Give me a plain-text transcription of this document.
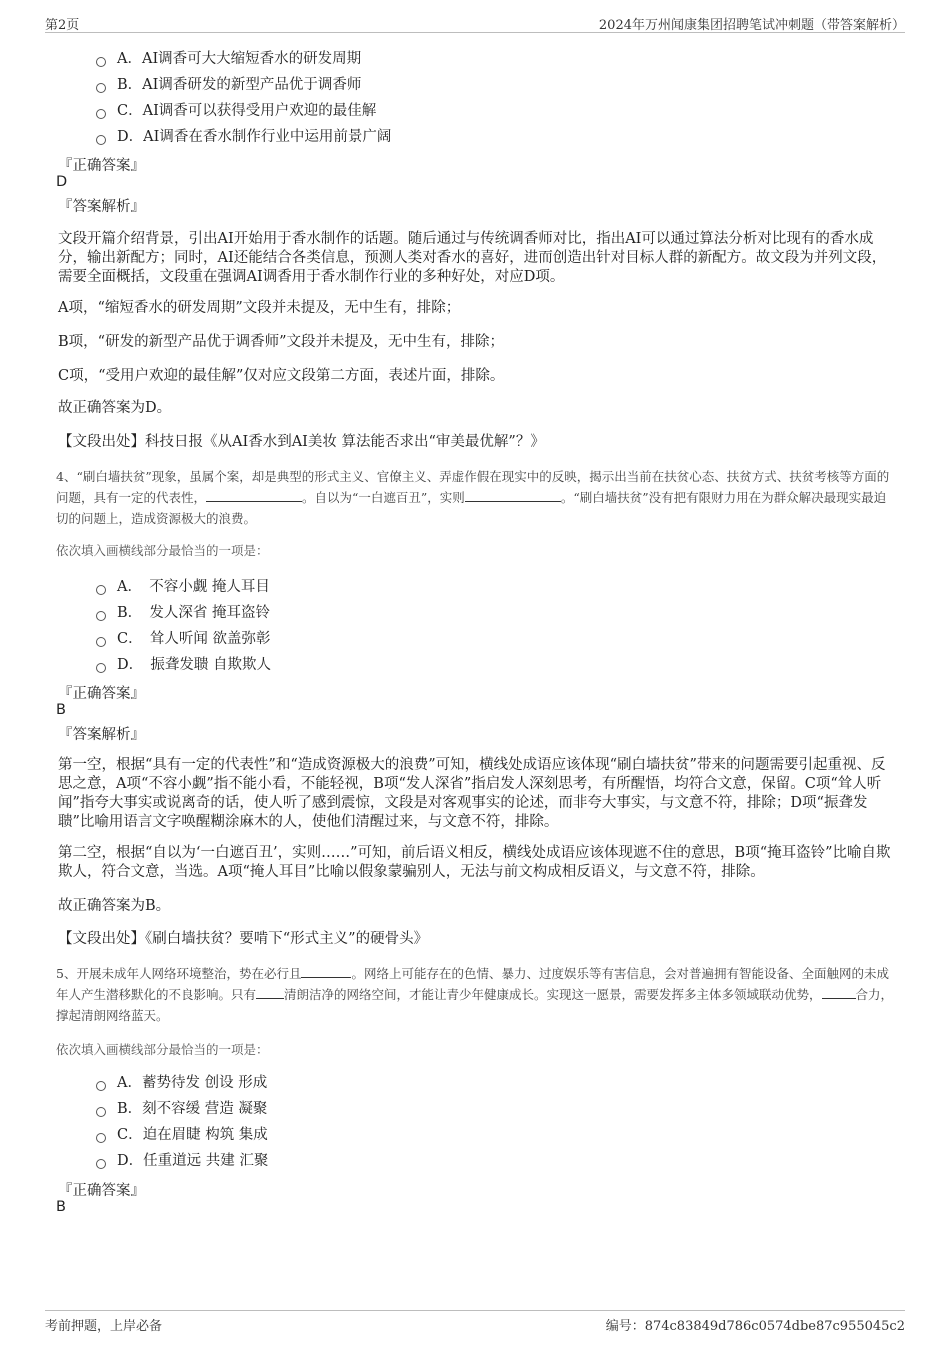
第2页	2024年万州闻康集团招聘笔试冲刺题（带答案解析）
A．AI调香可大大缩短香水的研发周期
B．AI调香研发的新型产品优于调香师
C．AI调香可以获得受用户欢迎的最佳解
D．AI调香在香水制作行业中运用前景广阔
『正确答案』
D
『答案解析』
文段开篇介绍背景，引出AI开始用于香水制作的话题。随后通过与传统调香师对比，指出AI可以通过算法分析对比现有的香水成分，输出新配方；同时，AI还能结合各类信息，预测人类对香水的喜好，进而创造出针对目标人群的新配方。故文段为并列文段，需要全面概括，文段重在强调AI调香用于香水制作行业的多种好处，对应D项。
A项，“缩短香水的研发周期”文段并未提及，无中生有，排除；
B项，“研发的新型产品优于调香师”文段并未提及，无中生有，排除；
C项，“受用户欢迎的最佳解”仅对应文段第二方面，表述片面，排除。
故正确答案为D。
【文段出处】科技日报《从AI香水到AI美妆 算法能否求出“审美最优解”？》
4、“刷白墙扶贫”现象，虽属个案，却是典型的形式主义、官僚主义、弄虚作假在现实中的反映，揭示出当前在扶贫心态、扶贫方式、扶贫考核等方面的问题，具有一定的代表性，	。自以为“一白遮百丑”，实则	。“刷白墙扶贫”没有把有限财力用在为群众解决最现实最迫切的问题上，造成资源极大的浪费。
依次填入画横线部分最恰当的一项是：
A．　不容小觑 掩人耳目
B．　发人深省 掩耳盗铃
C．　耸人听闻 欲盖弥彰
D．　振聋发聩 自欺欺人
『正确答案』
B
『答案解析』
第一空，根据“具有一定的代表性”和“造成资源极大的浪费”可知，横线处成语应该体现“刷白墙扶贫”带来的问题需要引起重视、反思之意，A项“不容小觑”指不能小看，不能轻视，B项“发人深省”指启发人深刻思考，有所醒悟，均符合文意，保留。C项“耸人听闻”指夸大事实或说离奇的话，使人听了感到震惊，文段是对客观事实的论述，而非夸大事实，与文意不符，排除；D项“振聋发聩”比喻用语言文字唤醒糊涂麻木的人，使他们清醒过来，与文意不符，排除。
第二空，根据“自以为‘一白遮百丑’，实则……”可知，前后语义相反，横线处成语应该体现遮不住的意思，B项“掩耳盗铃”比喻自欺欺人，符合文意，当选。A项“掩人耳目”比喻以假象蒙骗别人，无法与前文构成相反语义，与文意不符，排除。
故正确答案为B。
【文段出处】《刷白墙扶贫？要啃下“形式主义”的硬骨头》
5、开展未成年人网络环境整治，势在必行且	。网络上可能存在的色情、暴力、过度娱乐等有害信息，会对普遍拥有智能设备、全面触网的未成年人产生潜移默化的不良影响。只有 清朗洁净的网络空间，才能让青少年健康成长。实现这一愿景，需要发挥多主体多领域联动优势，	合力，撑起清朗网络蓝天。
依次填入画横线部分最恰当的一项是：
A．蓄势待发 创设 形成
B．刻不容缓 营造 凝聚
C．迫在眉睫 构筑 集成
D．任重道远 共建 汇聚
『正确答案』
B
考前押题，上岸必备	编号：874c83849d786c0574dbe87c955045c2
